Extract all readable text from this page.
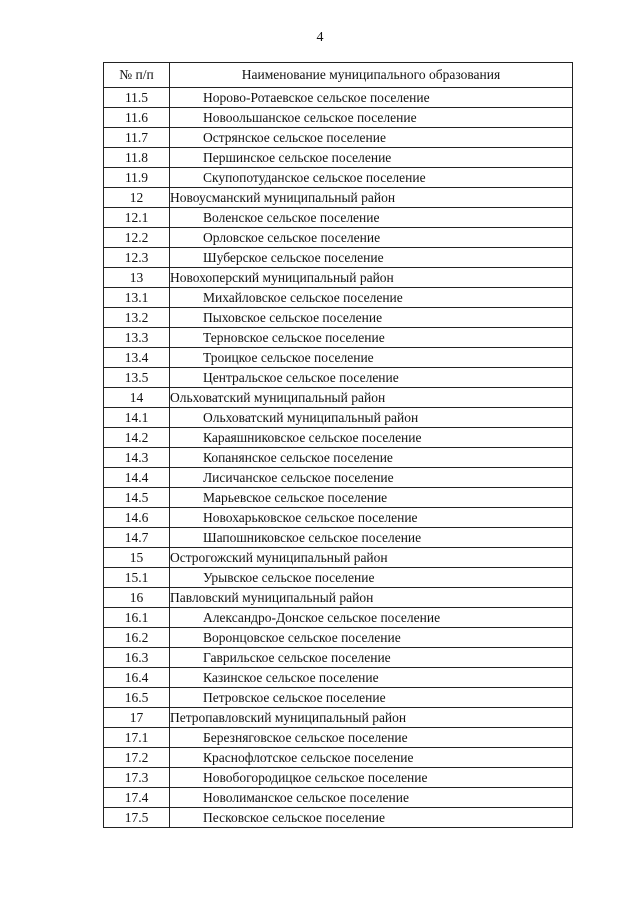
4
№ п/п	Наименование муниципального образования
11.5	Норово-Ротаевское сельское поселение
11.6	Новоольшанское сельское поселение
11.7	Острянское сельское поселение
11.8	Першинское сельское поселение
11.9	Скупопотуданское сельское поселение
12	Новоусманский муниципальный район
12.1	Воленское сельское поселение
12.2	Орловское сельское поселение
12.3	Шуберское сельское поселение
13	Новохоперский муниципальный район
13.1	Михайловское сельское поселение
13.2	Пыховское сельское поселение
13.3	Терновское сельское поселение
13.4	Троицкое сельское поселение
13.5	Центральское сельское поселение
14	Ольховатский муниципальный район
14.1	Ольховатский муниципальный район
14.2	Караяшниковское сельское поселение
14.3	Копанянское сельское поселение
14.4	Лисичанское сельское поселение
14.5	Марьевское сельское поселение
14.6	Новохарьковское сельское поселение
14.7	Шапошниковское сельское поселение
15	Острогожский муниципальный район
15.1	Урывское сельское поселение
16	Павловский муниципальный район
16.1	Александро-Донское сельское поселение
16.2	Воронцовское сельское поселение
16.3	Гаврильское сельское поселение
16.4	Казинское сельское поселение
16.5	Петровское сельское поселение
17	Петропавловский муниципальный район
17.1	Березняговское сельское поселение
17.2	Краснофлотское сельское поселение
17.3	Новобогородицкое сельское поселение
17.4	Новолиманское сельское поселение
17.5	Песковское сельское поселение
